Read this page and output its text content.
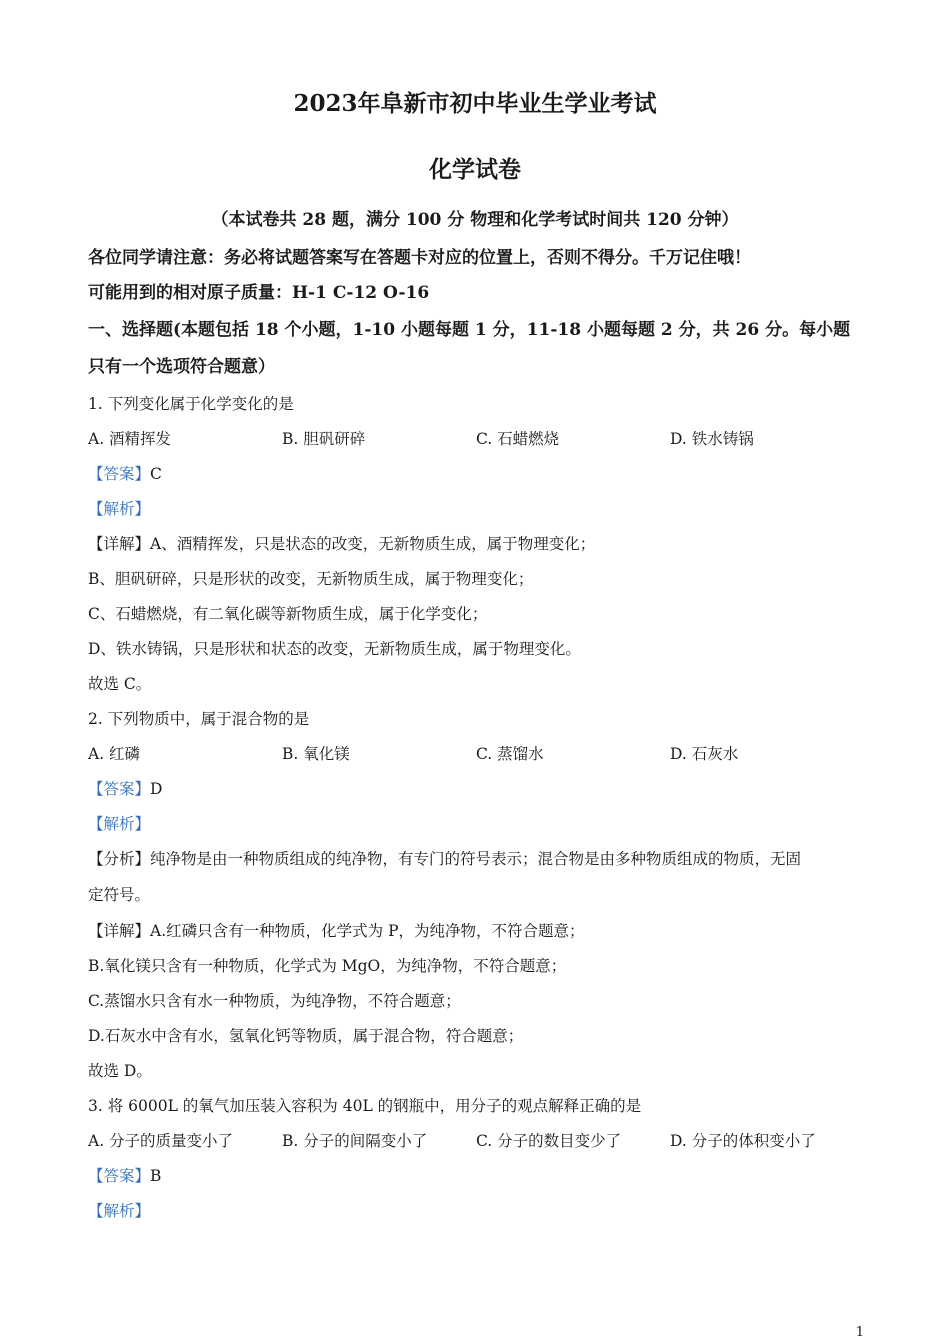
2023年阜新市初中毕业生学业考试
化学试卷
（本试卷共 28 题，满分 100 分 物理和化学考试时间共 120 分钟）
各位同学请注意：务必将试题答案写在答题卡对应的位置上，否则不得分。千万记住哦！
可能用到的相对原子质量：H-1 C-12 O-16
一、选择题(本题包括 18 个小题，1-10 小题每题 1 分，11-18 小题每题 2 分，共 26 分。每小题
只有一个选项符合题意）
1. 下列变化属于化学变化的是
A. 酒精挥发	B. 胆矾研碎	C. 石蜡燃烧	D. 铁水铸锅
【答案】C
【解析】
【详解】A、酒精挥发，只是状态的改变，无新物质生成，属于物理变化；
B、胆矾研碎，只是形状的改变，无新物质生成，属于物理变化；
C、石蜡燃烧，有二氧化碳等新物质生成，属于化学变化；
D、铁水铸锅，只是形状和状态的改变，无新物质生成，属于物理变化。
故选 C。
2. 下列物质中，属于混合物的是
A. 红磷	B. 氧化镁	C. 蒸馏水	D. 石灰水
【答案】D
【解析】
【分析】纯净物是由一种物质组成的纯净物，有专门的符号表示；混合物是由多种物质组成的物质，无固
定符号。
【详解】A.红磷只含有一种物质，化学式为 P，为纯净物，不符合题意；
B.氧化镁只含有一种物质，化学式为 MgO，为纯净物，不符合题意；
C.蒸馏水只含有水一种物质，为纯净物，不符合题意；
D.石灰水中含有水，氢氧化钙等物质，属于混合物，符合题意；
故选 D。
3. 将 6000L 的氧气加压装入容积为 40L 的钢瓶中，用分子的观点解释正确的是
A. 分子的质量变小了	B. 分子的间隔变小了	C. 分子的数目变少了	D. 分子的体积变小了
【答案】B
【解析】
1
